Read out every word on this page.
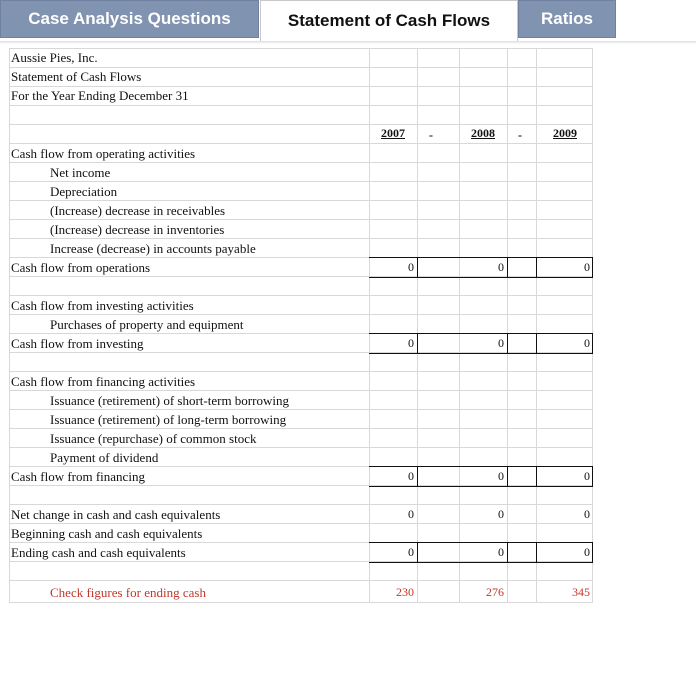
Case Analysis Questions	Statement of Cash Flows	Ratios
Aussie Pies, Inc.
Statement of Cash Flows
For the Year Ending December 31
2007	-	2008	-	2009
Cash flow from operating activities
Net income
Depreciation
(Increase) decrease in receivables
(Increase) decrease in inventories
Increase (decrease) in accounts payable
Cash flow from operations	0	0	0
Cash flow from investing activities
Purchases of property and equipment
Cash flow from investing	0	0	0
Cash flow from financing activities
Issuance (retirement) of short-term borrowing
Issuance (retirement) of long-term borrowing
Issuance (repurchase) of common stock
Payment of dividend
Cash flow from financing	0	0	0
Net change in cash and cash equivalents	0	0	0
Beginning cash and cash equivalents
Ending cash and cash equivalents	0	0	0
Check figures for ending cash	230	276	345
